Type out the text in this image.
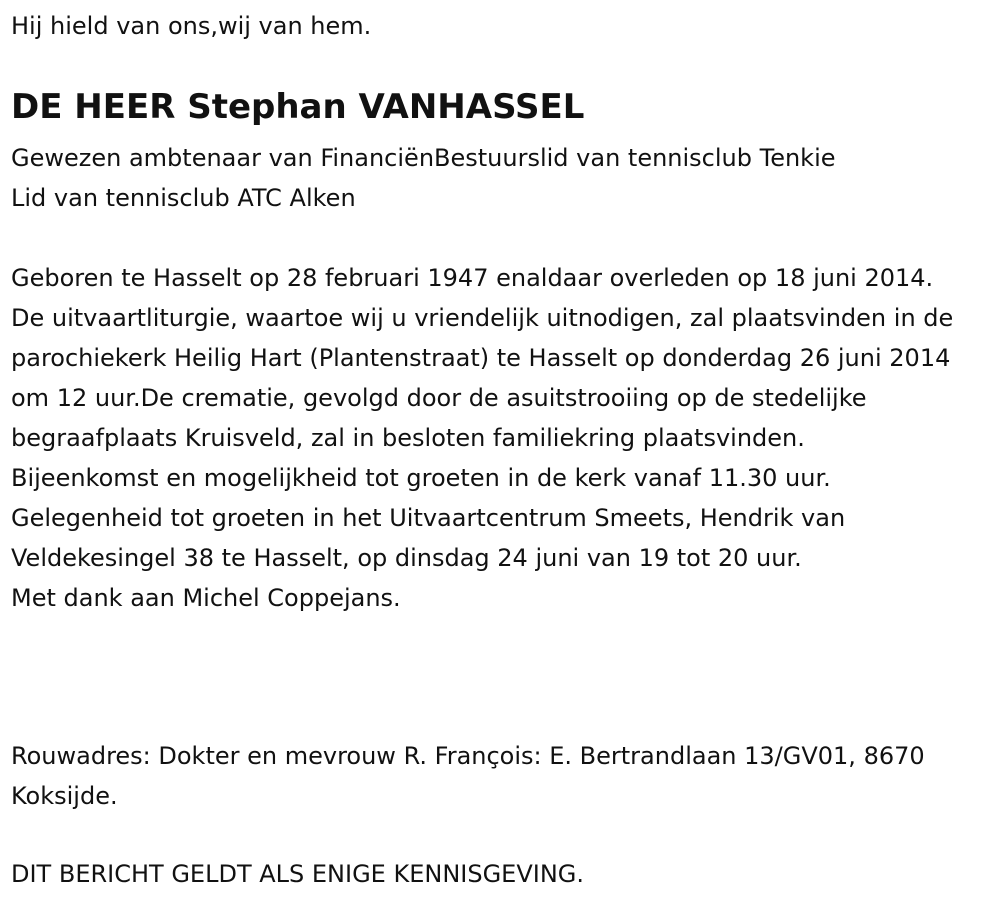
Hij hield van ons,wij van hem.
DE HEER Stephan VANHASSEL
Gewezen ambtenaar van FinanciënBestuurslid van tennisclub Tenkie
Lid van tennisclub ATC Alken

Geboren te Hasselt op 28 februari 1947 enaldaar overleden op 18 juni 2014.

De uitvaartliturgie, waartoe wij u vriendelijk uitnodigen, zal plaatsvinden in de parochiekerk Heilig Hart (Plantenstraat) te Hasselt op donderdag 26 juni 2014 om 12 uur.De crematie, gevolgd door de asuitstrooiing op de stedelijke begraafplaats Kruisveld, zal in besloten familiekring plaatsvinden.

Bijeenkomst en mogelijkheid tot groeten in de kerk vanaf 11.30 uur.

Gelegenheid tot groeten in het Uitvaartcentrum Smeets, Hendrik van Veldekesingel 38 te Hasselt, op dinsdag 24 juni van 19 tot 20 uur.

Met dank aan Michel Coppejans.

Rouwadres: Dokter en mevrouw R. François: E. Bertrandlaan 13/GV01, 8670 Koksijde.
DIT BERICHT GELDT ALS ENIGE KENNISGEVING.
